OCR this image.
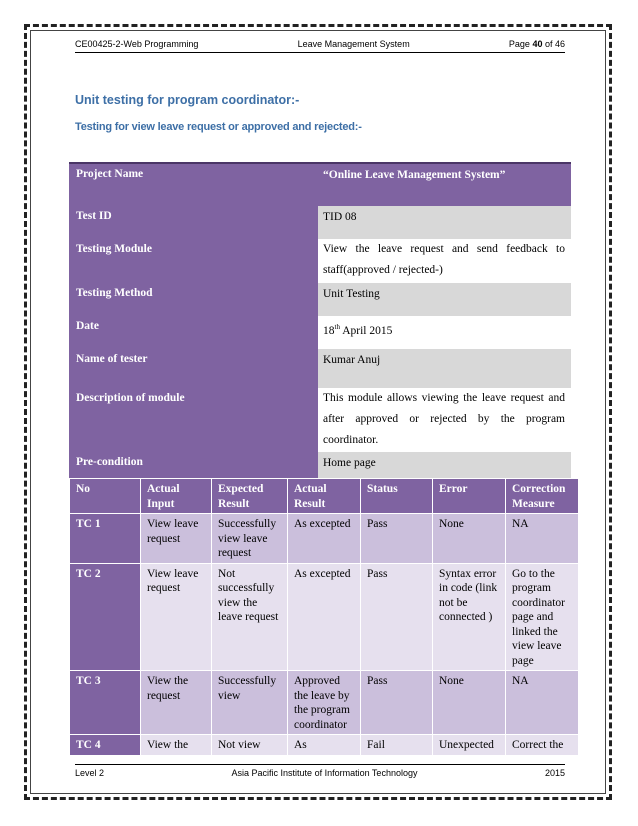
CE00425-2-Web Programming	Leave Management System	Page 40 of 46
Unit testing for program coordinator:-
Testing for view leave request or approved and rejected:-
Project Name	“Online Leave Management System”
Test ID	TID 08
Testing Module	View the leave request and send feedback to staff(approved / rejected-)
Testing Method	Unit Testing
Date	18th April 2015
Name of tester	Kumar Anuj
Description of module	This module allows viewing the leave request and after approved or rejected by the program coordinator.
Pre-condition	Home page
No	Actual Input	Expected Result	Actual Result	Status	Error	Correction Measure
TC 1	View leave request	Successfully view leave request	As excepted	Pass	None	NA
TC 2	View leave request	Not successfully view the leave request	As excepted	Pass	Syntax error in code (link not be connected )	Go to the program coordinator page and linked the view leave page
TC 3	View the request	Successfully view	Approved the leave by the program coordinator	Pass	None	NA
TC 4	View the	Not view	As	Fail	Unexpected	Correct the
Level 2	Asia Pacific Institute of Information Technology	2015
